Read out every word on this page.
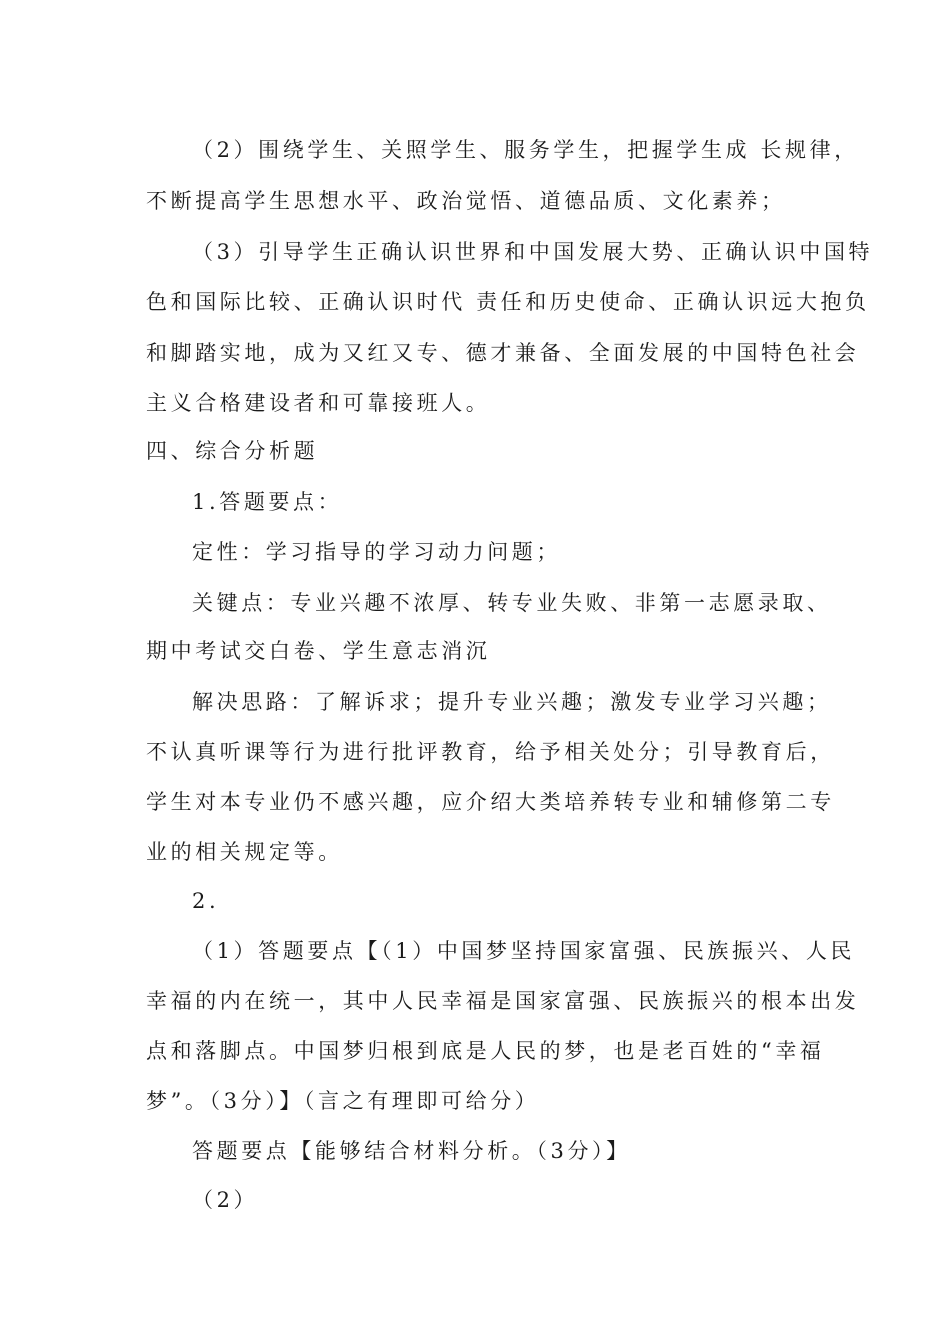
（2）围绕学生、关照学生、服务学生，把握学生成 长规律，
不断提高学生思想水平、政治觉悟、道德品质、文化素养；
（3）引导学生正确认识世界和中国发展大势、正确认识中国特
色和国际比较、正确认识时代 责任和历史使命、正确认识远大抱负
和脚踏实地，成为又红又专、德才兼备、全面发展的中国特色社会
主义合格建设者和可靠接班人。
四、综合分析题
1.答题要点：
定性：学习指导的学习动力问题；
关键点：专业兴趣不浓厚、转专业失败、非第一志愿录取、
期中考试交白卷、学生意志消沉
解决思路：了解诉求；提升专业兴趣；激发专业学习兴趣；
不认真听课等行为进行批评教育，给予相关处分；引导教育后，
学生对本专业仍不感兴趣，应介绍大类培养转专业和辅修第二专
业的相关规定等。
2.
（1）答题要点【（1）中国梦坚持国家富强、民族振兴、人民
幸福的内在统一，其中人民幸福是国家富强、民族振兴的根本出发
点和落脚点。中国梦归根到底是人民的梦，也是老百姓的“幸福
梦”。（3分）】（言之有理即可给分）
答题要点【能够结合材料分析。（3分）】
（2）
